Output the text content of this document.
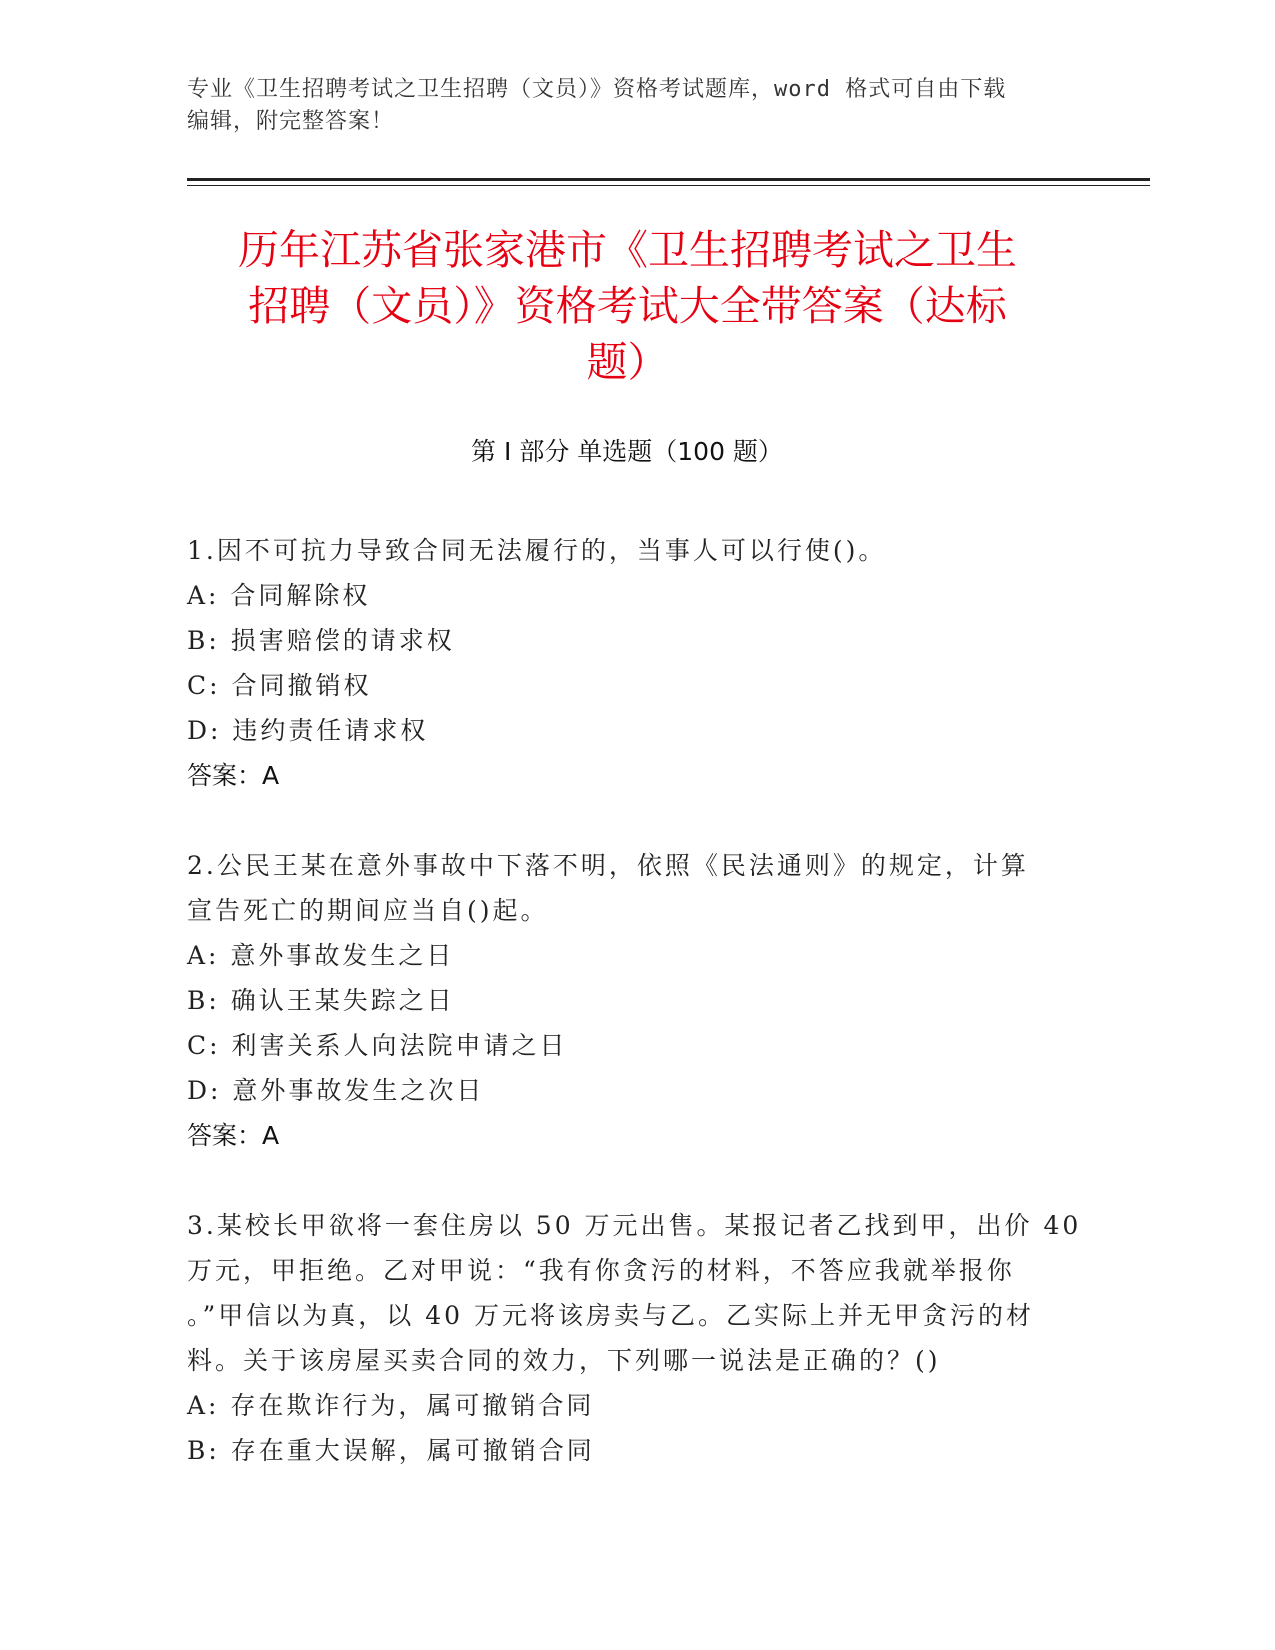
专业《卫生招聘考试之卫生招聘（文员）》资格考试题库，word 格式可自由下载
编辑，附完整答案！
历年江苏省张家港市《卫生招聘考试之卫生
招聘（文员）》资格考试大全带答案（达标
题）
第 I 部分 单选题（100 题）
1.因不可抗力导致合同无法履行的，当事人可以行使()。
A: 合同解除权
B: 损害赔偿的请求权
C: 合同撤销权
D: 违约责任请求权
答案：A
2.公民王某在意外事故中下落不明，依照《民法通则》的规定，计算
宣告死亡的期间应当自()起。
A: 意外事故发生之日
B: 确认王某失踪之日
C: 利害关系人向法院申请之日
D: 意外事故发生之次日
答案：A
3.某校长甲欲将一套住房以 50 万元出售。某报记者乙找到甲，出价 40
万元，甲拒绝。乙对甲说：“我有你贪污的材料，不答应我就举报你
。”甲信以为真，以 40 万元将该房卖与乙。乙实际上并无甲贪污的材
料。关于该房屋买卖合同的效力，下列哪一说法是正确的？()
A: 存在欺诈行为，属可撤销合同
B: 存在重大误解，属可撤销合同
